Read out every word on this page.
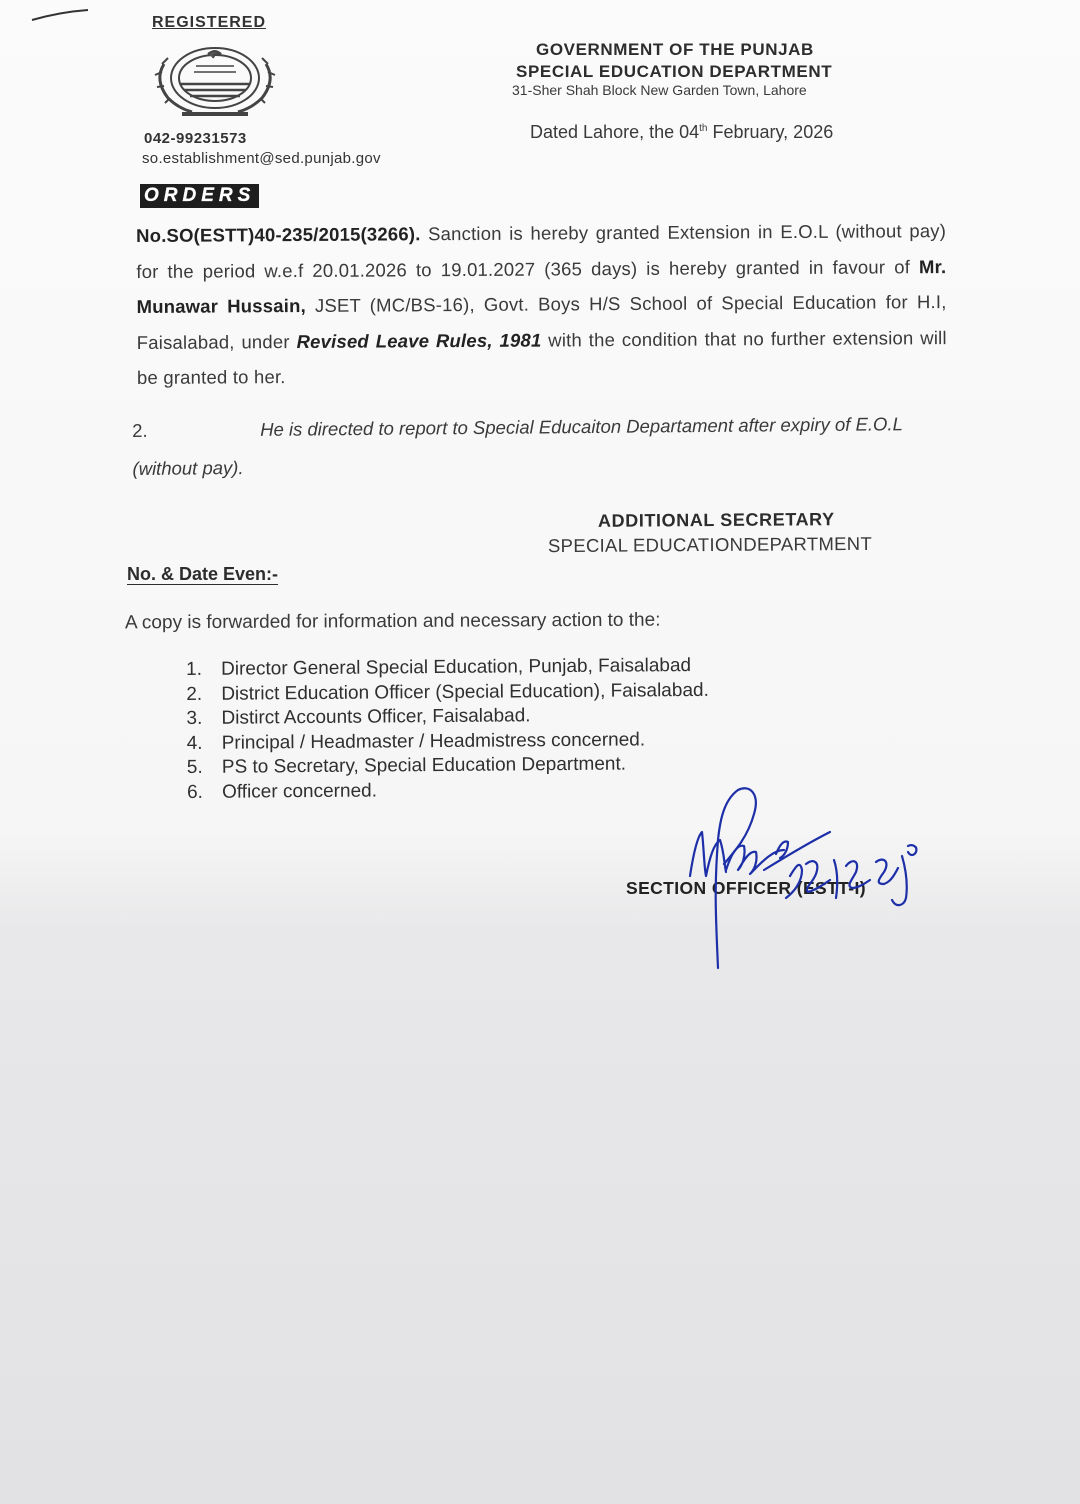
REGISTERED
042-99231573
so.establishment@sed.punjab.gov
GOVERNMENT OF THE PUNJAB
SPECIAL EDUCATION DEPARTMENT
31-Sher Shah Block New Garden Town, Lahore
Dated Lahore, the 04th February, 2026
ORDERS
No.SO(ESTT)40-235/2015(3266). Sanction is hereby granted Extension in E.O.L (without pay) for the period w.e.f 20.01.2026 to 19.01.2027 (365 days) is hereby granted in favour of Mr. Munawar Hussain, JSET (MC/BS-16), Govt. Boys H/S School of Special Education for H.I, Faisalabad, under Revised Leave Rules, 1981 with the condition that no further extension will be granted to her.
2.	He is directed to report to Special Educaiton Departament after expiry of E.O.L (without pay).
ADDITIONAL SECRETARY
SPECIAL EDUCATIONDEPARTMENT
No. & Date Even:-
A copy is forwarded for information and necessary action to the:
1. Director General Special Education, Punjab, Faisalabad
2. District Education Officer (Special Education), Faisalabad.
3. Distirct Accounts Officer, Faisalabad.
4. Principal / Headmaster / Headmistress concerned.
5. PS to Secretary, Special Education Department.
6. Officer concerned.
SECTION OFFICER (ESTT-I)
